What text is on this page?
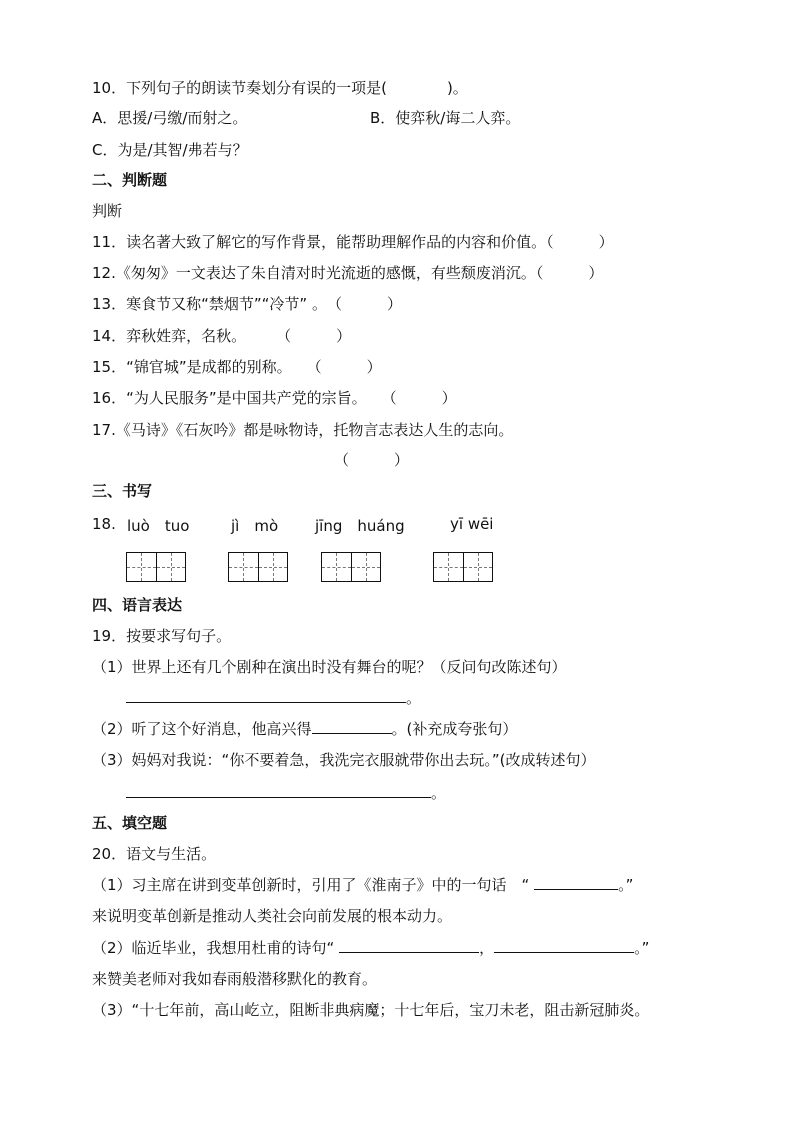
10．下列句子的朗读节奏划分有误的一项是(　　　　)。
A．思援/弓缴/而射之。	B．使弈秋/诲二人弈。
C．为是/其智/弗若与？
二、判断题
判断
11．读名著大致了解它的写作背景，能帮助理解作品的内容和价值。（　　　）
12.《匆匆》一文表达了朱自清对时光流逝的感慨，有些颓废消沉。（　　　）
13．寒食节又称“禁烟节”“冷节” 。　（　　　）
14．弈秋姓弈，名秋。　　　（　　　）
15．“锦官城”是成都的别称。　　（　　　）
16．“为人民服务”是中国共产党的宗旨。　　（　　　）
17.《马诗》《石灰吟》都是咏物诗，托物言志表达人生的志向。
（　　　）
三、书写
18. luò　tuo	jì　mò jīng　huáng	yī wēi
四、语言表达
19．按要求写句子。
（1）世界上还有几个剧种在演出时没有舞台的呢？（反问句改陈述句）
。
（2）听了这个好消息，他高兴得	。(补充成夸张句）
（3）妈妈对我说：“你不要着急，我洗完衣服就带你出去玩。”(改成转述句）
。
五、填空题
20．语文与生活。
（1）习主席在讲到变革创新时，引用了《淮南子》中的一句话　“	。”
来说明变革创新是推动人类社会向前发展的根本动力。
（2）临近毕业，我想用杜甫的诗句“	，	。”
来赞美老师对我如春雨般潜移默化的教育。
（3）“十七年前，高山屹立，阻断非典病魔；十七年后，宝刀未老，阻击新冠肺炎。
